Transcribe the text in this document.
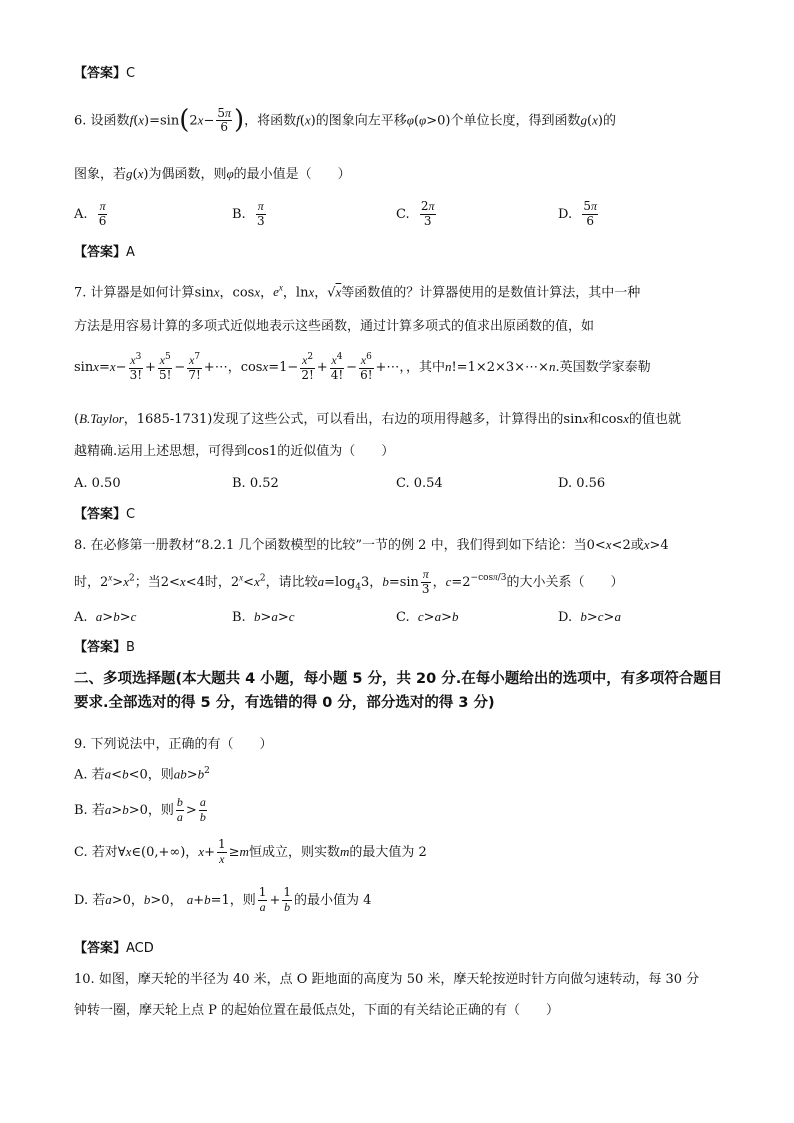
【答案】C
6. 设函数$f(x)=\sin(2x- \frac{5\pi}{6}$ )，将函数f(x)的图象向左平移φ(φ>0)个单位长度，得到函数g(x)的
图象，若g(x)为偶函数，则φ的最小值是（　　）
A. $\frac{\pi}{6}$	B. $\frac{\pi}{3}$	C. $\frac{2\pi}{3}$	D. $\frac{5\pi}{6}$
【答案】A
7. 计算器是如何计算sinx，cosx，$e^x$，lnx，√x等函数值的？计算器使用的是数值计算法，其中一种
方法是用容易计算的多项式近似地表示这些函数，通过计算多项式的值求出原函数的值，如
$\sin x=x- \frac{x^3}{3!} + \frac{x^5}{5!} - \frac{x^7}{7!}$ +⋯，$\cos x=1- \frac{x^2}{2!} + \frac{x^4}{4!} - \frac{x^6}{6!}$ +⋯，，其中n!=1×2×3×⋯×n.英国数学家泰勒
(B.Taylor，1685-1731)发现了这些公式，可以看出，右边的项用得越多，计算得出的sinx和cosx的值也就
越精确.运用上述思想，可得到cos1的近似值为（　　）
A. 0.50	B. 0.52	C. 0.54	D. 0.56
【答案】C
8. 在必修第一册教材“8.2.1 几个函数模型的比较”一节的例 2 中，我们得到如下结论：当0<x<2或x>4
时，$2^x>x^2$；当2<x<4时，$2^x<x^2$，请比较$a=\log_43$，$b=\sin \frac{\pi}{3}$ ，$c=2^{-cos\pi/3}$的大小关系（　　）
A. a>b>c	B. b>a>c	C. c>a>b	D. b>c>a
【答案】B
二、多项选择题(本大题共 4 小题，每小题 5 分，共 20 分.在每小题给出的选项中，有多项符合题目要求.全部选对的得 5 分，有选错的得 0 分，部分选对的得 3 分)
9. 下列说法中，正确的有（　　）
A. 若a<b<0，则$ab>b^2$
B. 若a>b>0，则 $\frac{b}{a} > \frac{a}{b}$
C. 若对∀x∈(0,+∞)，$x+ \frac{1}{x} \ge m$恒成立，则实数m的最大值为 2
D. 若a>0，b>0， a+b=1，则 $\frac{1}{a} + \frac{1}{b}$ 的最小值为 4
【答案】ACD
10. 如图，摩天轮的半径为 40 米，点 O 距地面的高度为 50 米，摩天轮按逆时针方向做匀速转动，每 30 分
钟转一圈，摩天轮上点 P 的起始位置在最低点处，下面的有关结论正确的有（　　）
